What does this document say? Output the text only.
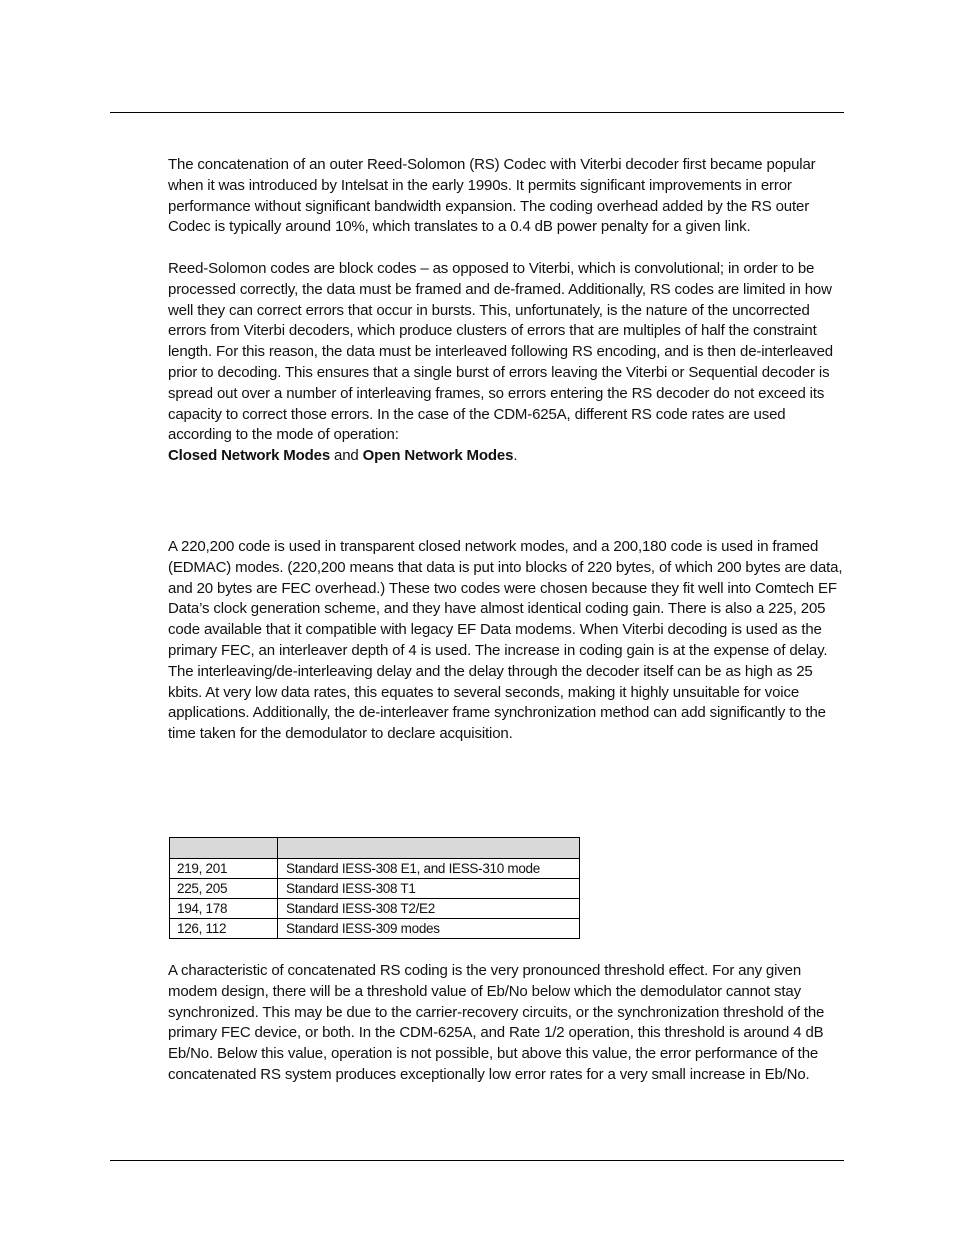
The concatenation of an outer Reed-Solomon (RS) Codec with Viterbi decoder first became popular when it was introduced by Intelsat in the early 1990s. It permits significant improvements in error performance without significant bandwidth expansion. The coding overhead added by the RS outer Codec is typically around 10%, which translates to a 0.4 dB power penalty for a given link.

Reed-Solomon codes are block codes – as opposed to Viterbi, which is convolutional; in order to be processed correctly, the data must be framed and de-framed. Additionally, RS codes are limited in how well they can correct errors that occur in bursts. This, unfortunately, is the nature of the uncorrected errors from Viterbi decoders, which produce clusters of errors that are multiples of half the constraint length. For this reason, the data must be interleaved following RS encoding, and is then de-interleaved prior to decoding. This ensures that a single burst of errors leaving the Viterbi or Sequential decoder is spread out over a number of interleaving frames, so errors entering the RS decoder do not exceed its capacity to correct those errors. In the case of the CDM-625A, different RS code rates are used according to the mode of operation:
Closed Network Modes and Open Network Modes.

A 220,200 code is used in transparent closed network modes, and a 200,180 code is used in framed (EDMAC) modes. (220,200 means that data is put into blocks of 220 bytes, of which 200 bytes are data, and 20 bytes are FEC overhead.) These two codes were chosen because they fit well into Comtech EF Data’s clock generation scheme, and they have almost identical coding gain. There is also a 225, 205 code available that it compatible with legacy EF Data modems. When Viterbi decoding is used as the primary FEC, an interleaver depth of 4 is used. The increase in coding gain is at the expense of delay. The interleaving/de-interleaving delay and the delay through the decoder itself can be as high as 25 kbits. At very low data rates, this equates to several seconds, making it highly unsuitable for voice applications. Additionally, the de-interleaver frame synchronization method can add significantly to the time taken for the demodulator to declare acquisition.

219, 201	Standard IESS-308 E1, and IESS-310 mode
225, 205	Standard IESS-308 T1
194, 178	Standard IESS-308 T2/E2
126, 112	Standard IESS-309 modes

A characteristic of concatenated RS coding is the very pronounced threshold effect. For any given modem design, there will be a threshold value of Eb/No below which the demodulator cannot stay synchronized. This may be due to the carrier-recovery circuits, or the synchronization threshold of the primary FEC device, or both. In the CDM-625A, and Rate 1/2 operation, this threshold is around 4 dB Eb/No. Below this value, operation is not possible, but above this value, the error performance of the concatenated RS system produces exceptionally low error rates for a very small increase in Eb/No.
